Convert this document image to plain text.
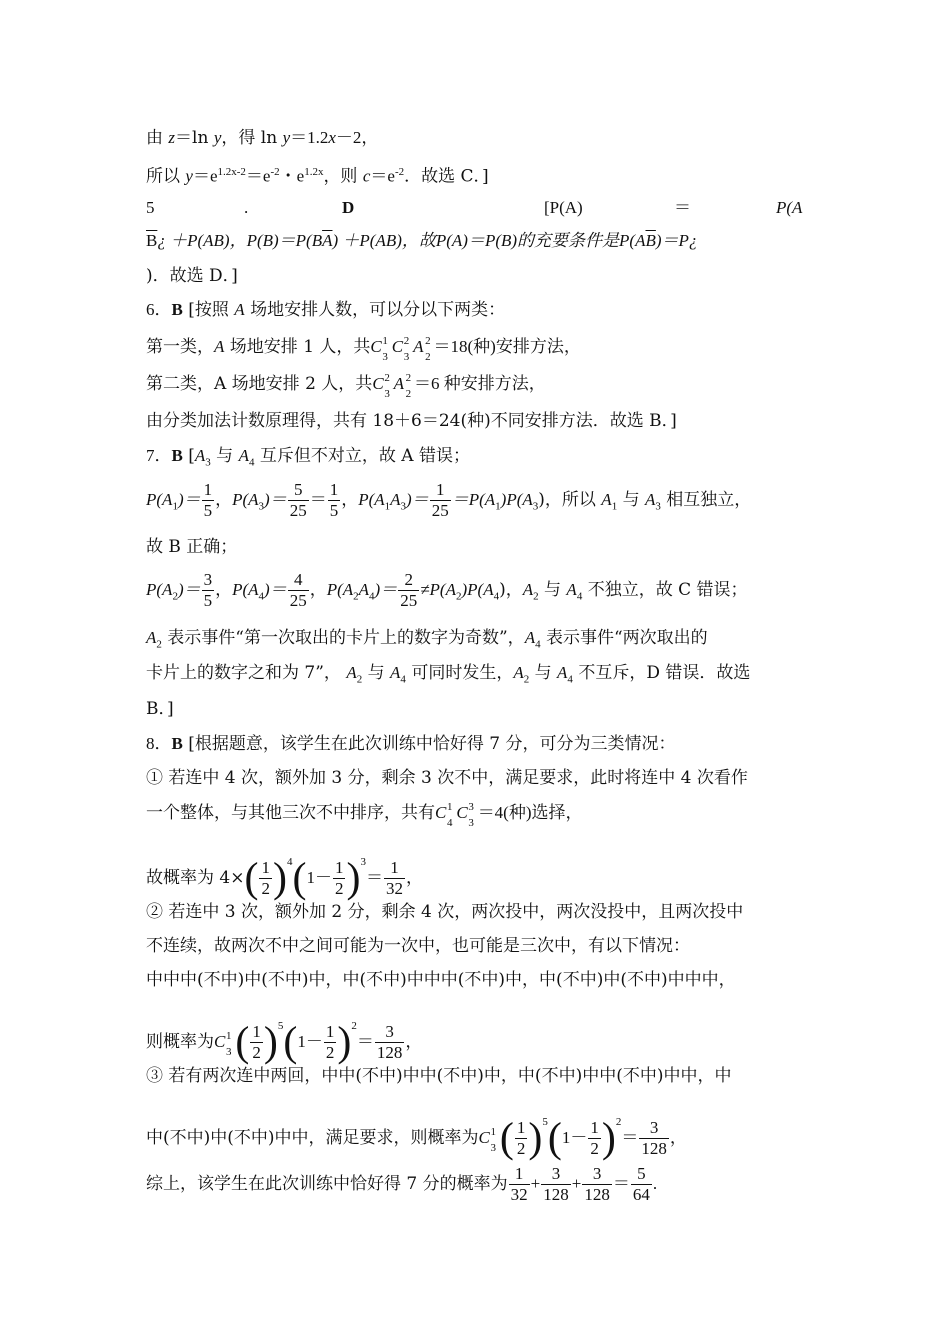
由 z＝ln y，得 ln y＝1.2x－2，
所以 $y=e^{1.2x-2}=e^{-2}$・$e^{1.2x}$，则 $c=e^{-2}$．故选 C．]
5	.	D	[P(A)	＝	P(A
$\overline{B}¿ +P(AB)$，$P(B)=P(B\overline{A}) +P(AB)$，故P(A)＝P(B)的充要条件是$P(A\overline{B})=P¿$
)．故选 D．]
6．B [按照 A 场地安排人数，可以分以下两类：
第一类，A 场地安排 1 人，共C 1
3
C 2
3
A 2
2
＝18(种)安排方法，
第二类，A 场地安排 2 人，共C 2
3
A 2
2
＝6 种安排方法，
由分类加法计数原理得，共有 18＋6＝24(种)不同安排方法．故选 B．]
7．B [$A_3$ 与 $A_4$ 互斥但不对立，故 A 错误；
$P(A_1)= \frac{1}{5}$ ，$P(A_3)= \frac{5}{25} = \frac{1}{5}$ ，$P(A_1A_3)= \frac{1}{25} =P(A_1)P(A_3)$，所以 $A_1$ 与 $A_3$ 相互独立，
故 B 正确；
$P(A_2)= \frac{3}{5}$ ，$P(A_4)= \frac{4}{25}$ ，$P(A_2A_4)= \frac{2}{25} \ne P(A_2)P(A_4)$，$A_2$ 与 $A_4$ 不独立，故 C 错误；
$A_2$ 表示事件“第一次取出的卡片上的数字为奇数”，$A_4$ 表示事件“两次取出的
卡片上的数字之和为 7”， $A_2$ 与 $A_4$ 可同时发生，$A_2$ 与 $A_4$ 不互斥，D 错误．故选
B．]
8．B [根据题意，该学生在此次训练中恰好得 7 分，可分为三类情况：
① 若连中 4 次，额外加 3 分，剩余 3 次不中，满足要求，此时将连中 4 次看作
一个整体，与其他三次不中排序，共有C 1
4
C 3
3
＝4(种)选择，
故概率为 $4\times( \frac{1}{2} )^4(1- \frac{1}{2} )^3= \frac{1}{32}$ ，
② 若连中 3 次，额外加 2 分，剩余 4 次，两次投中，两次没投中，且两次投中
不连续，故两次不中之间可能为一次中，也可能是三次中，有以下情况：
中中中(不中)中(不中)中，中(不中)中中中(不中)中，中(不中)中(不中)中中中，
则概率为C 1
3 ( $\frac{1}{2} )^5(1- \frac{1}{2} )^2= \frac{3}{128}$ ，
③ 若有两次连中两回，中中(不中)中中(不中)中，中(不中)中中(不中)中中，中
中(不中)中(不中)中中，满足要求，则概率为C 1
3 ( $\frac{1}{2} )^5(1- \frac{1}{2} )^2= \frac{3}{128}$ ，
综上，该学生在此次训练中恰好得 7 分的概率为 $\frac{1}{32} + \frac{3}{128} + \frac{3}{128} = \frac{5}{64}$ .
